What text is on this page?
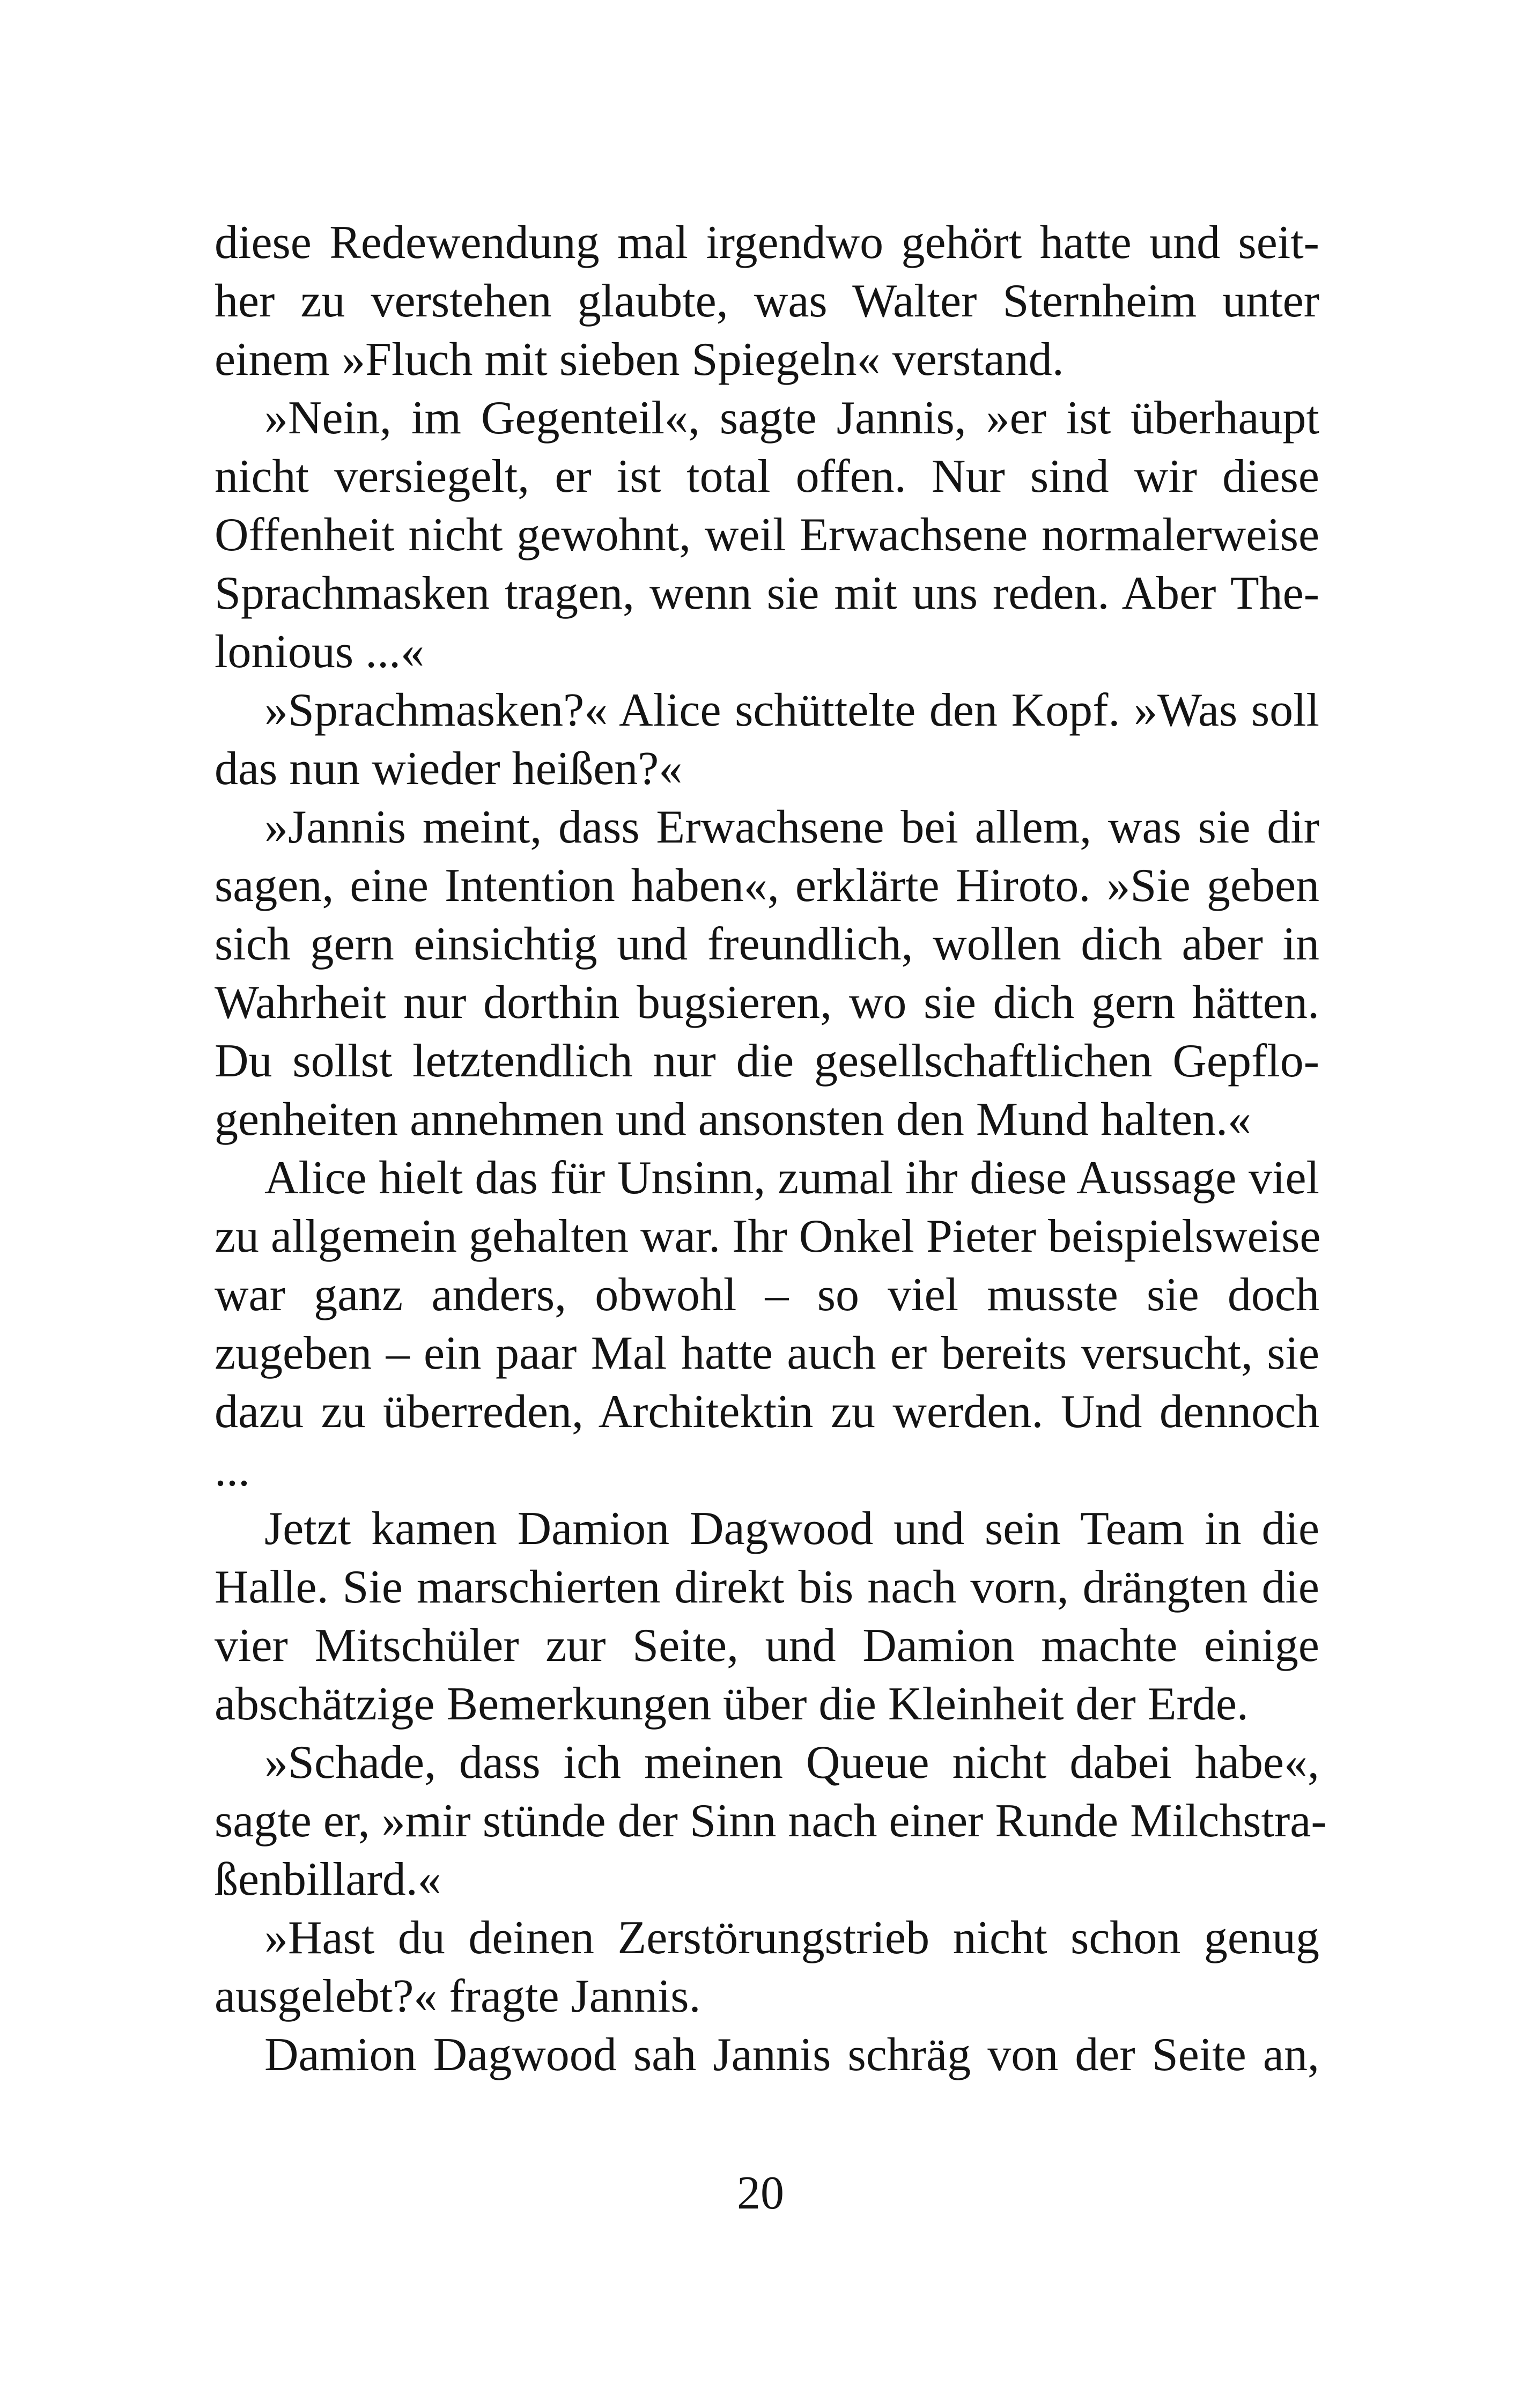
diese Redewendung mal irgendwo gehört hatte und seit-
her zu verstehen glaubte, was Walter Sternheim unter
einem »Fluch mit sieben Spiegeln« verstand.
»Nein, im Gegenteil«, sagte Jannis, »er ist überhaupt
nicht versiegelt, er ist total offen. Nur sind wir diese
Offenheit nicht gewohnt, weil Erwachsene normalerweise
Sprachmasken tragen, wenn sie mit uns reden. Aber The-
lonious ...«
»Sprachmasken?« Alice schüttelte den Kopf. »Was soll
das nun wieder heißen?«
»Jannis meint, dass Erwachsene bei allem, was sie dir
sagen, eine Intention haben«, erklärte Hiroto. »Sie geben
sich gern einsichtig und freundlich, wollen dich aber in
Wahrheit nur dorthin bugsieren, wo sie dich gern hätten.
Du sollst letztendlich nur die gesellschaftlichen Gepflo-
genheiten annehmen und ansonsten den Mund halten.«
Alice hielt das für Unsinn, zumal ihr diese Aussage viel
zu allgemein gehalten war. Ihr Onkel Pieter beispielsweise
war ganz anders, obwohl – so viel musste sie doch
zugeben – ein paar Mal hatte auch er bereits versucht, sie
dazu zu überreden, Architektin zu werden. Und dennoch
...
Jetzt kamen Damion Dagwood und sein Team in die
Halle. Sie marschierten direkt bis nach vorn, drängten die
vier Mitschüler zur Seite, und Damion machte einige
abschätzige Bemerkungen über die Kleinheit der Erde.
»Schade, dass ich meinen Queue nicht dabei habe«,
sagte er, »mir stünde der Sinn nach einer Runde Milchstra-
ßenbillard.«
»Hast du deinen Zerstörungstrieb nicht schon genug
ausgelebt?« fragte Jannis.
Damion Dagwood sah Jannis schräg von der Seite an,
20
